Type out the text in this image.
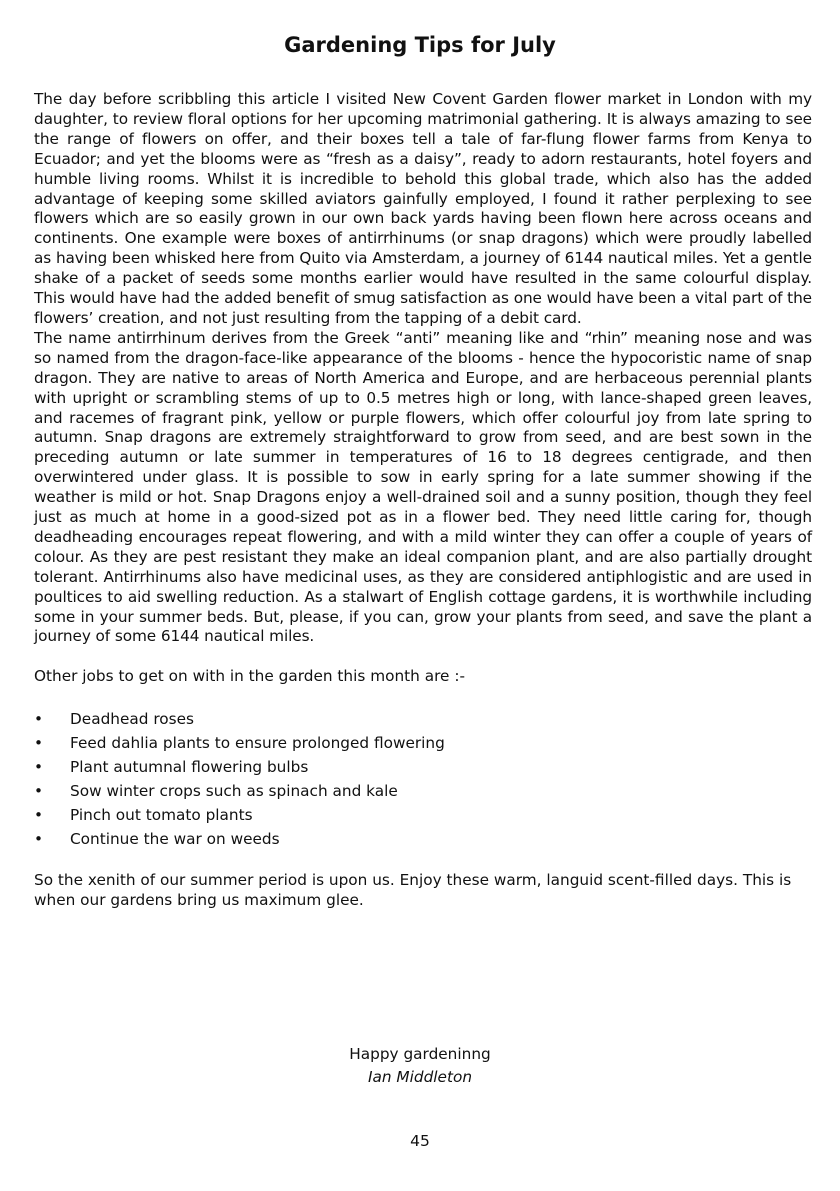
Gardening Tips for July

The day before scribbling this article I visited New Covent Garden flower market in London with my daughter, to review floral options for her upcoming matrimonial gathering. It is always amazing to see the range of flowers on offer, and their boxes tell a tale of far-flung flower farms from Kenya to Ecuador; and yet the blooms were as “fresh as a daisy”, ready to adorn restaurants, hotel foyers and humble living rooms. Whilst it is incredible to behold this global trade, which also has the added advantage of keeping some skilled aviators gainfully employed, I found it rather perplexing to see flowers which are so easily grown in our own back yards having been flown here across oceans and continents. One example were boxes of antirrhinums (or snap dragons) which were proudly labelled as having been whisked here from Quito via Amsterdam, a journey of 6144 nautical miles. Yet a gentle shake of a packet of seeds some months earlier would have resulted in the same colourful display. This would have had the added benefit of smug satisfaction as one would have been a vital part of the flowers’ creation, and not just resulting from the tapping of a debit card.

The name antirrhinum derives from the Greek “anti” meaning like and “rhin” meaning nose and was so named from the dragon-face-like appearance of the blooms - hence the hypocoristic name of snap dragon. They are native to areas of North America and Europe, and are herbaceous perennial plants with upright or scrambling stems of up to 0.5 metres high or long, with lance-shaped green leaves, and racemes of fragrant pink, yellow or purple flowers, which offer colourful joy from late spring to autumn. Snap dragons are extremely straightforward to grow from seed, and are best sown in the preceding autumn or late summer in temperatures of 16 to 18 degrees centigrade, and then overwintered under glass. It is possible to sow in early spring for a late summer showing if the weather is mild or hot. Snap Dragons enjoy a well-drained soil and a sunny position, though they feel just as much at home in a good-sized pot as in a flower bed. They need little caring for, though deadheading encourages repeat flowering, and with a mild winter they can offer a couple of years of colour. As they are pest resistant they make an ideal companion plant, and are also partially drought tolerant. Antirrhinums also have medicinal uses, as they are considered antiphlogistic and are used in poultices to aid swelling reduction. As a stalwart of English cottage gardens, it is worthwhile including some in your summer beds. But, please, if you can, grow your plants from seed, and save the plant a journey of some 6144 nautical miles.

Other jobs to get on with in the garden this month are :-

• Deadhead roses
• Feed dahlia plants to ensure prolonged flowering
• Plant autumnal flowering bulbs
• Sow winter crops such as spinach and kale
• Pinch out tomato plants
• Continue the war on weeds

So the xenith of our summer period is upon us. Enjoy these warm, languid scent-filled days. This is when our gardens bring us maximum glee.

Happy gardeninng
Ian Middleton
45
